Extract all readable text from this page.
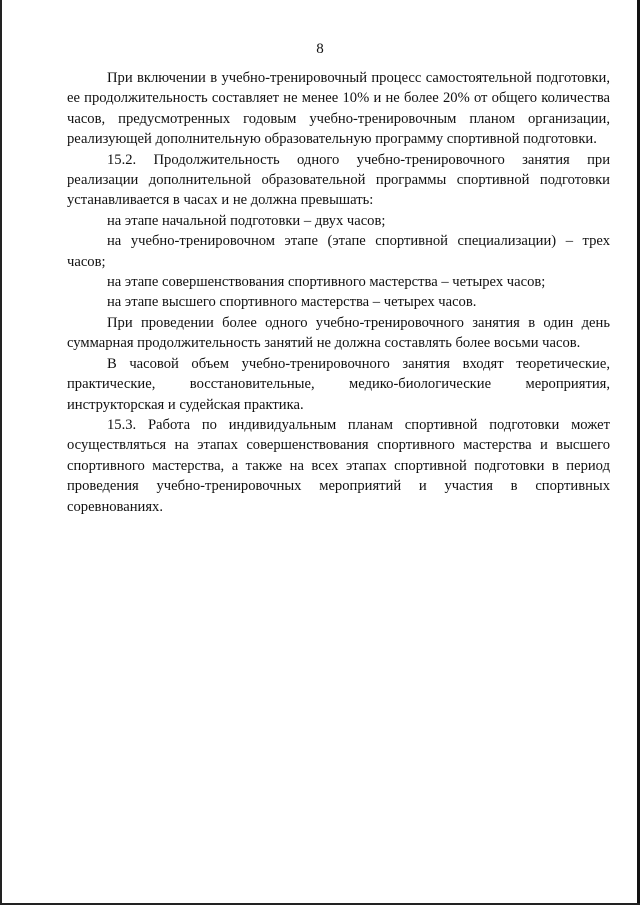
8

При включении в учебно-тренировочный процесс самостоятельной подготовки, ее продолжительность составляет не менее 10% и не более 20% от общего количества часов, предусмотренных годовым учебно-тренировочным планом организации, реализующей дополнительную образовательную программу спортивной подготовки.

15.2. Продолжительность одного учебно-тренировочного занятия при реализации дополнительной образовательной программы спортивной подготовки устанавливается в часах и не должна превышать:

на этапе начальной подготовки – двух часов;

на учебно-тренировочном этапе (этапе спортивной специализации) – трех часов;

на этапе совершенствования спортивного мастерства – четырех часов;

на этапе высшего спортивного мастерства – четырех часов.

При проведении более одного учебно-тренировочного занятия в один день суммарная продолжительность занятий не должна составлять более восьми часов.

В часовой объем учебно-тренировочного занятия входят теоретические, практические, восстановительные, медико-биологические мероприятия, инструкторская и судейская практика.

15.3. Работа по индивидуальным планам спортивной подготовки может осуществляться на этапах совершенствования спортивного мастерства и высшего спортивного мастерства, а также на всех этапах спортивной подготовки в период проведения учебно-тренировочных мероприятий и участия в спортивных соревнованиях.
